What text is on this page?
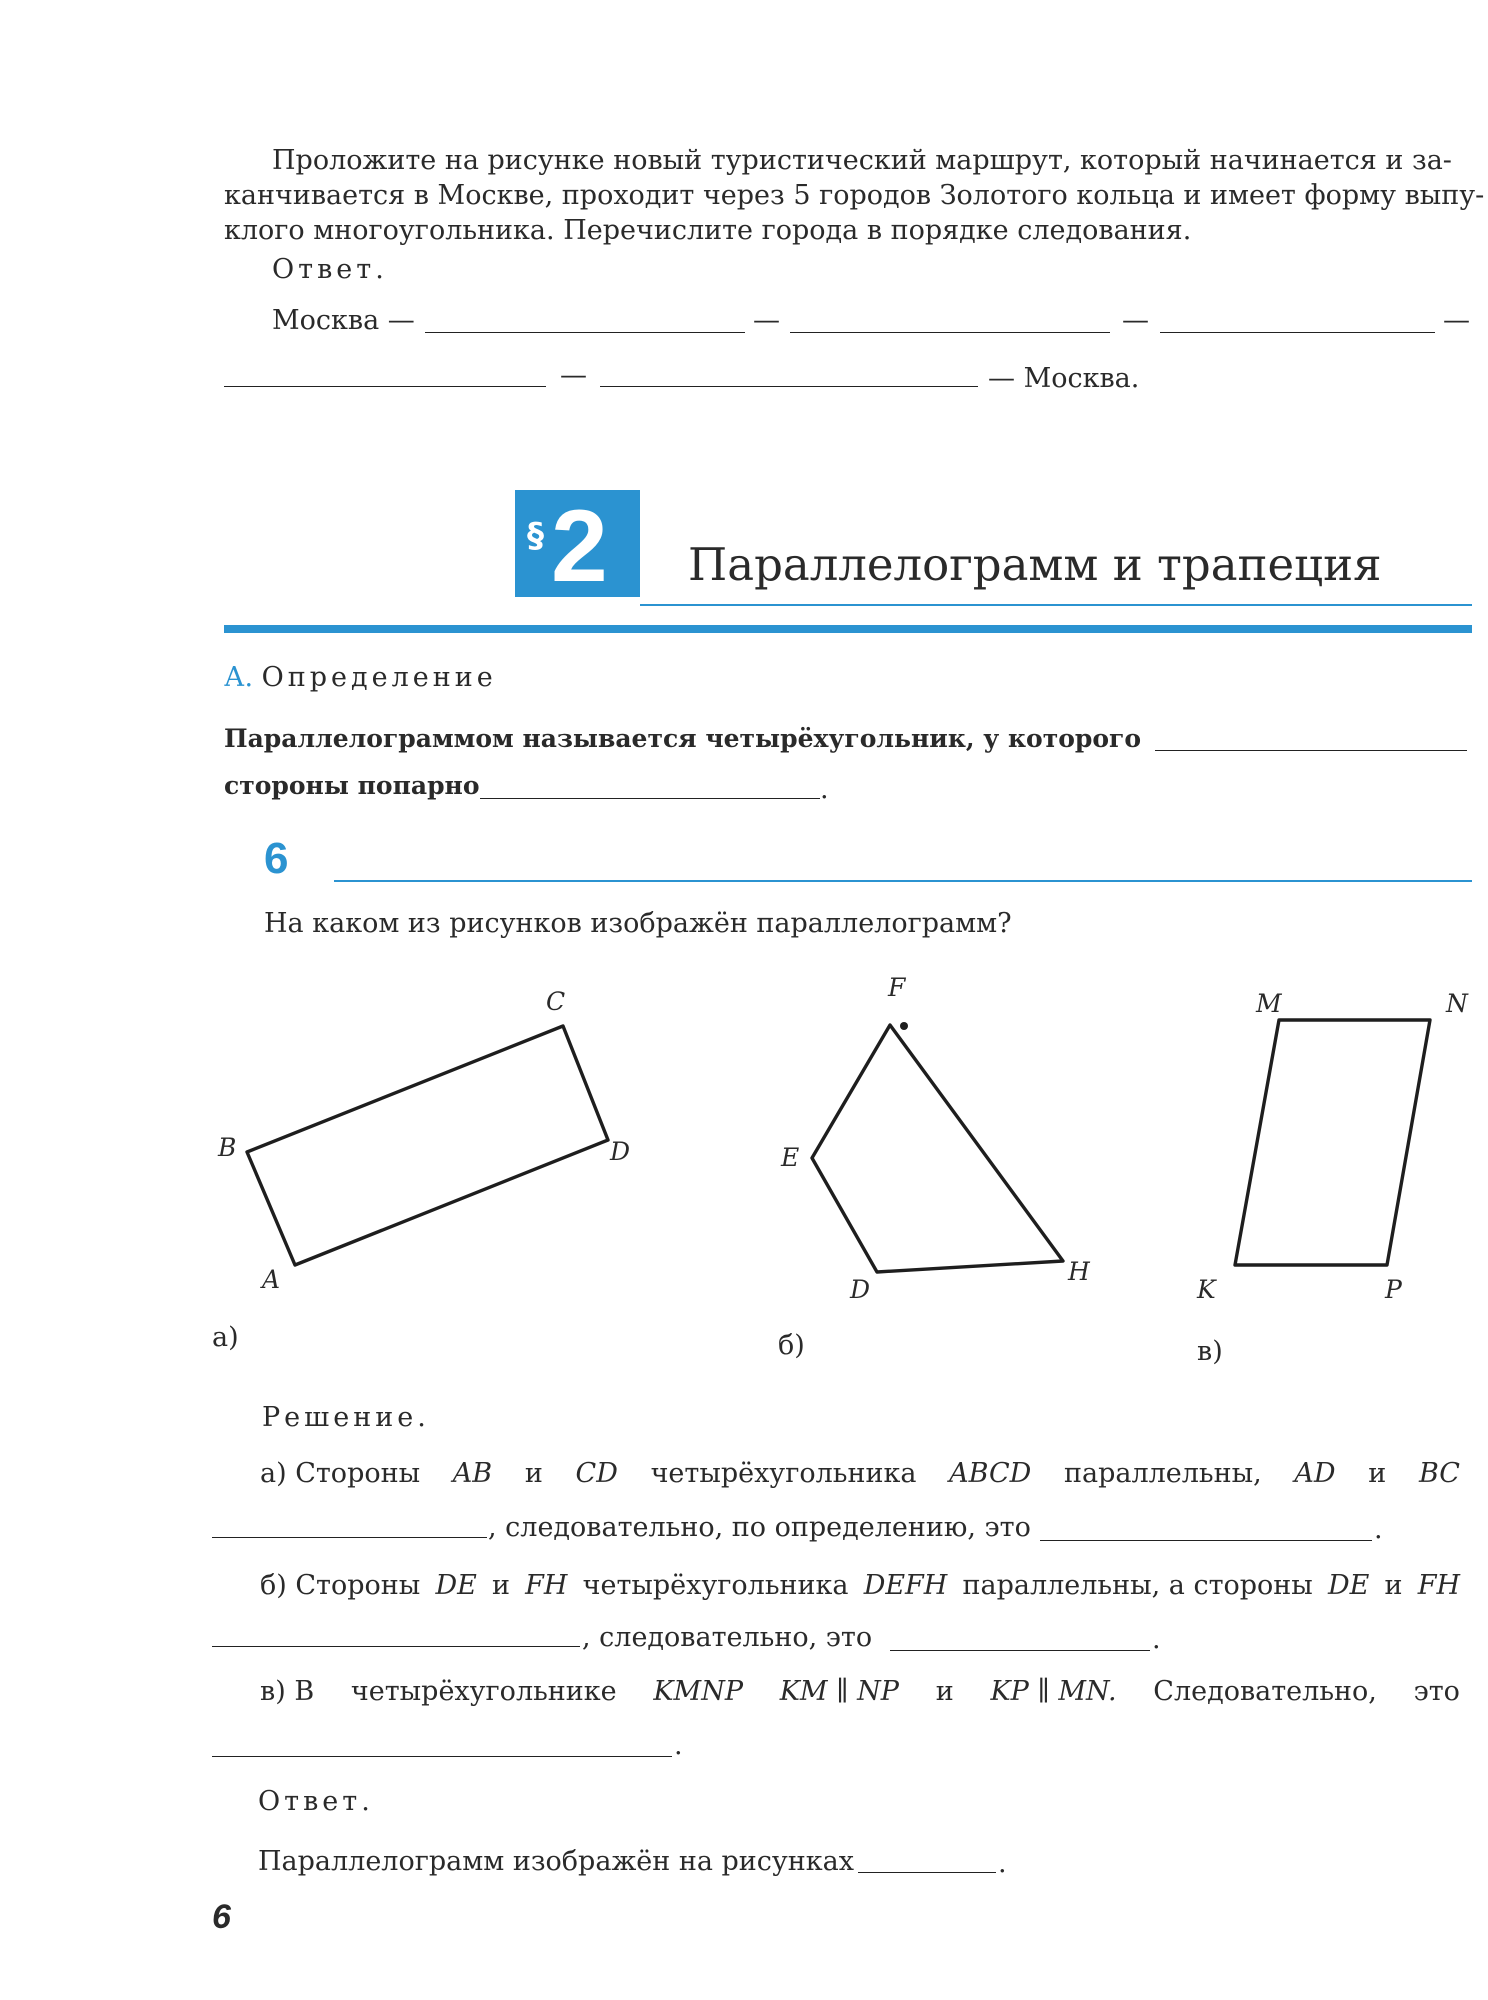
Проложите на рисунке новый туристический маршрут, который начинается и за-
канчивается в Москве, проходит через 5 городов Золотого кольца и имеет форму выпу-
клого многоугольника. Перечислите города в порядке следования.
Ответ.
Москва —	—	—	—
—	— Москва.
§ 2 Параллелограмм и трапеция
А. Определение
Параллелограммом называется четырёхугольник, у которого
стороны попарно	.
6
На каком из рисунков изображён параллелограмм?
B
C
D
A
F
E
D
H
M	N
K	P
а)	б)	в)
Решение.
а) Стороны AB и CD четырёхугольника ABCD параллельны, AD и BC
, следовательно, по определению, это	.
б) Стороны DE и FH четырёхугольника DEFH параллельны, а стороны DE и FH
, следовательно, это	.
в) В четырёхугольнике KMNP KM ∥ NP и KP ∥ MN. Следовательно, это
.
Ответ.
Параллелограмм изображён на рисунках	.
6
